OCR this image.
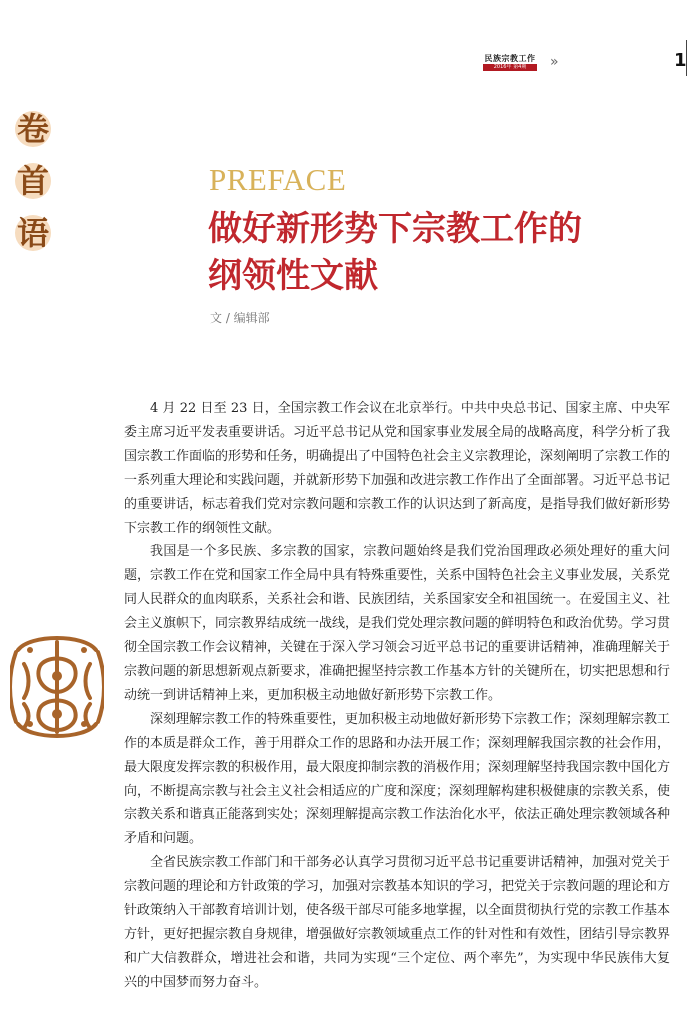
民族宗教工作
2016年 第4期	»	1
卷
首
语
PREFACE
做好新形势下宗教工作的
纲领性文献
文 / 编辑部

4 月 22 日至 23 日，全国宗教工作会议在北京举行。中共中央总书记、国家主席、中央军委主席习近平发表重要讲话。习近平总书记从党和国家事业发展全局的战略高度，科学分析了我国宗教工作面临的形势和任务，明确提出了中国特色社会主义宗教理论，深刻阐明了宗教工作的一系列重大理论和实践问题，并就新形势下加强和改进宗教工作作出了全面部署。习近平总书记的重要讲话，标志着我们党对宗教问题和宗教工作的认识达到了新高度，是指导我们做好新形势下宗教工作的纲领性文献。

我国是一个多民族、多宗教的国家，宗教问题始终是我们党治国理政必须处理好的重大问题，宗教工作在党和国家工作全局中具有特殊重要性，关系中国特色社会主义事业发展，关系党同人民群众的血肉联系，关系社会和谐、民族团结，关系国家安全和祖国统一。在爱国主义、社会主义旗帜下，同宗教界结成统一战线，是我们党处理宗教问题的鲜明特色和政治优势。学习贯彻全国宗教工作会议精神，关键在于深入学习领会习近平总书记的重要讲话精神，准确理解关于宗教问题的新思想新观点新要求，准确把握坚持宗教工作基本方针的关键所在，切实把思想和行动统一到讲话精神上来，更加积极主动地做好新形势下宗教工作。

深刻理解宗教工作的特殊重要性，更加积极主动地做好新形势下宗教工作；深刻理解宗教工作的本质是群众工作，善于用群众工作的思路和办法开展工作；深刻理解我国宗教的社会作用，最大限度发挥宗教的积极作用，最大限度抑制宗教的消极作用；深刻理解坚持我国宗教中国化方向，不断提高宗教与社会主义社会相适应的广度和深度；深刻理解构建积极健康的宗教关系，使宗教关系和谐真正能落到实处；深刻理解提高宗教工作法治化水平，依法正确处理宗教领域各种矛盾和问题。

全省民族宗教工作部门和干部务必认真学习贯彻习近平总书记重要讲话精神，加强对党关于宗教问题的理论和方针政策的学习，加强对宗教基本知识的学习，把党关于宗教问题的理论和方针政策纳入干部教育培训计划，使各级干部尽可能多地掌握，以全面贯彻执行党的宗教工作基本方针，更好把握宗教自身规律，增强做好宗教领域重点工作的针对性和有效性，团结引导宗教界和广大信教群众，增进社会和谐，共同为实现“三个定位、两个率先”，为实现中华民族伟大复兴的中国梦而努力奋斗。
